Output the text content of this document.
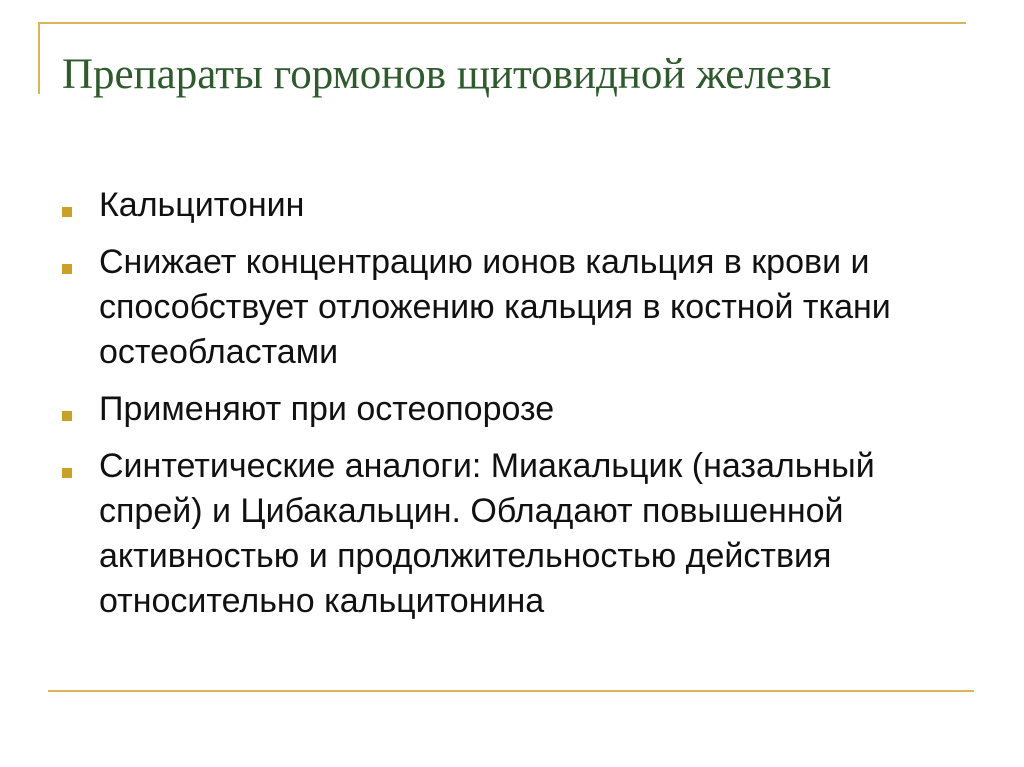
Препараты гормонов щитовидной железы
Кальцитонин
Снижает концентрацию ионов кальция в крови и способствует отложению кальция в костной ткани остеобластами
Применяют при остеопорозе
Синтетические аналоги: Миакальцик (назальный спрей) и Цибакальцин. Обладают повышенной активностью и продолжительностью действия относительно кальцитонина
